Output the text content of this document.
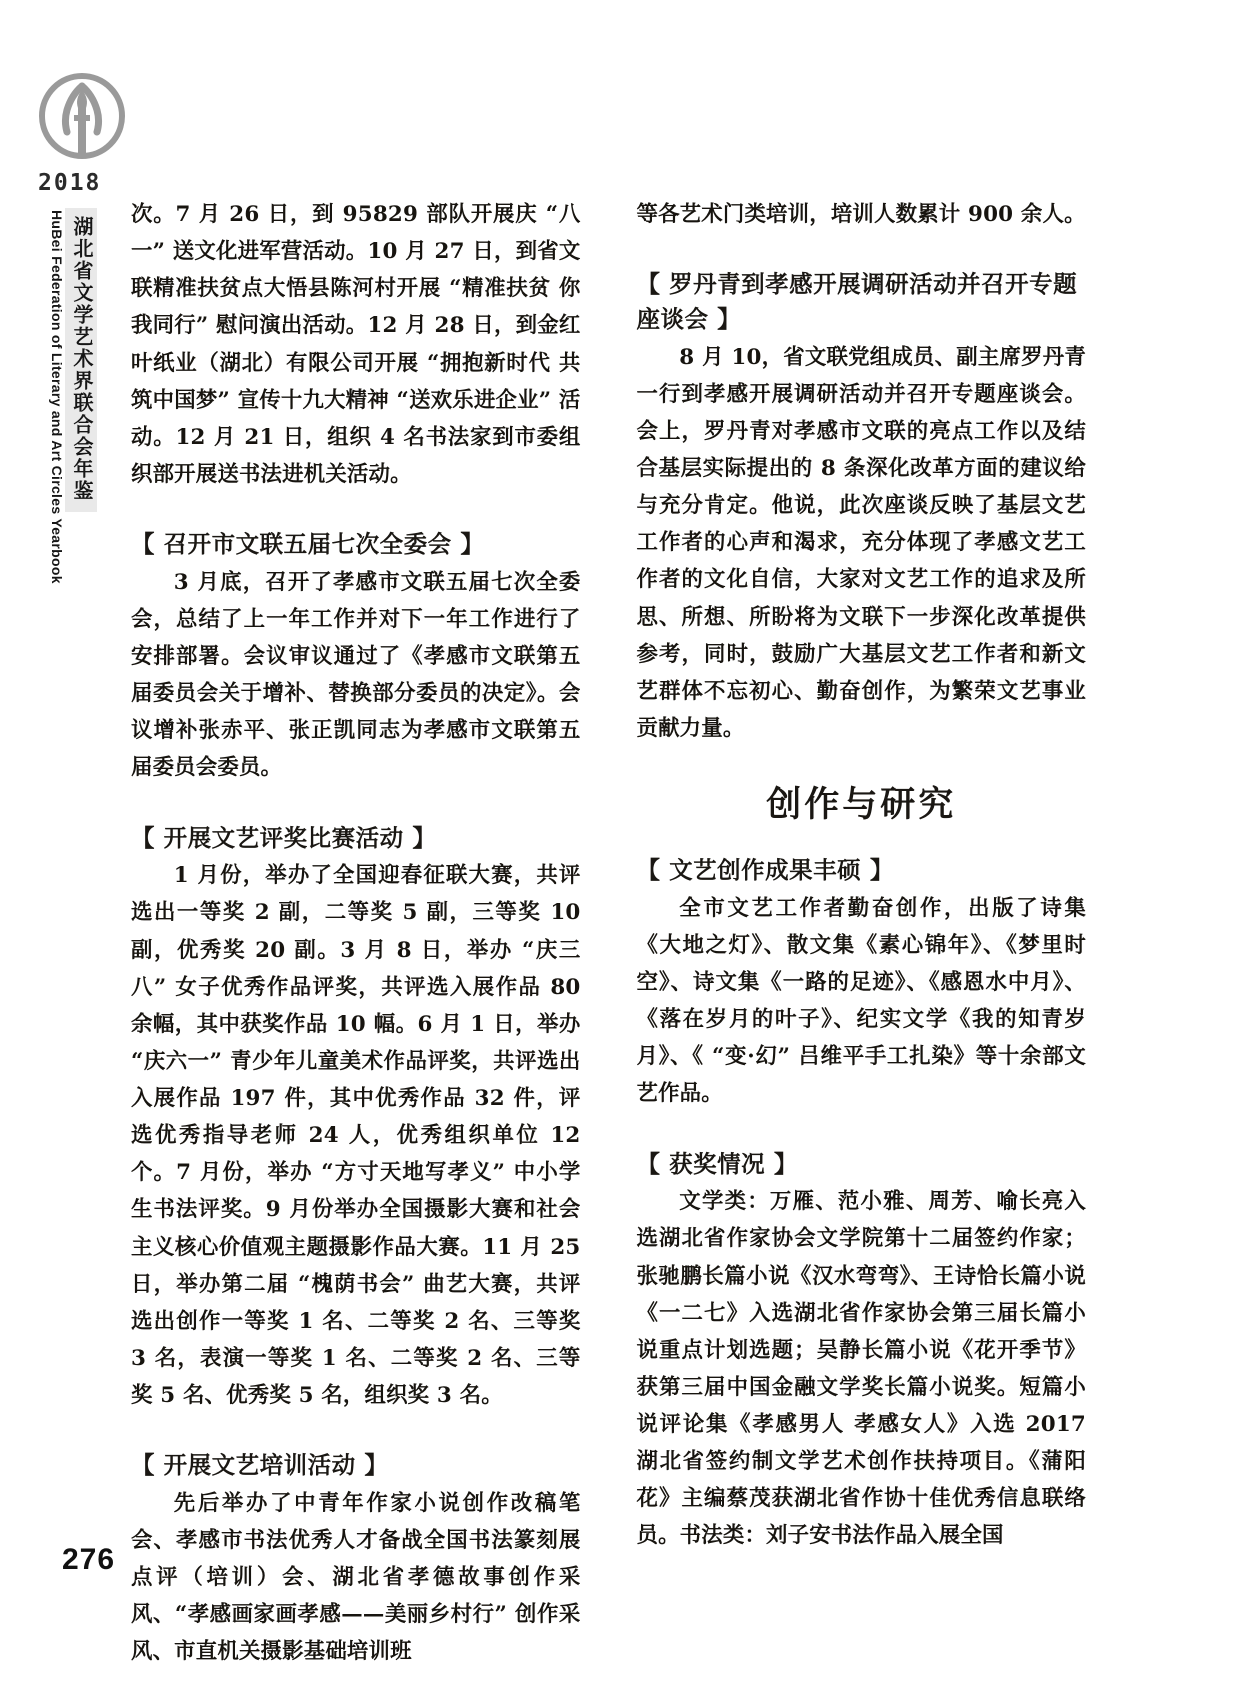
2018
湖北省文学艺术界联合会年鉴
HuBei Federation of Literary and Art Circles Yearbook
276

次。7 月 26 日，到 95829 部队开展庆 “八一” 送文化进军营活动。10 月 27 日，到省文联精准扶贫点大悟县陈河村开展 “精准扶贫 你我同行” 慰问演出活动。12 月 28 日，到金红叶纸业（湖北）有限公司开展 “拥抱新时代 共筑中国梦” 宣传十九大精神 “送欢乐进企业” 活动。12 月 21 日，组织 4 名书法家到市委组织部开展送书法进机关活动。

【 召开市文联五届七次全委会 】

3 月底，召开了孝感市文联五届七次全委会，总结了上一年工作并对下一年工作进行了安排部署。会议审议通过了《孝感市文联第五届委员会关于增补、替换部分委员的决定》。会议增补张赤平、张正凯同志为孝感市文联第五届委员会委员。

【 开展文艺评奖比赛活动 】

1 月份，举办了全国迎春征联大赛，共评选出一等奖 2 副，二等奖 5 副，三等奖 10 副，优秀奖 20 副。3 月 8 日，举办 “庆三八” 女子优秀作品评奖，共评选入展作品 80 余幅，其中获奖作品 10 幅。6 月 1 日，举办 “庆六一” 青少年儿童美术作品评奖，共评选出入展作品 197 件，其中优秀作品 32 件，评选优秀指导老师 24 人，优秀组织单位 12 个。7 月份，举办 “方寸天地写孝义” 中小学生书法评奖。9 月份举办全国摄影大赛和社会主义核心价值观主题摄影作品大赛。11 月 25 日，举办第二届 “槐荫书会” 曲艺大赛，共评选出创作一等奖 1 名、二等奖 2 名、三等奖 3 名，表演一等奖 1 名、二等奖 2 名、三等奖 5 名、优秀奖 5 名，组织奖 3 名。

【 开展文艺培训活动 】

先后举办了中青年作家小说创作改稿笔会、孝感市书法优秀人才备战全国书法篆刻展点评（培训）会、湖北省孝德故事创作采风、“孝感画家画孝感——美丽乡村行” 创作采风、市直机关摄影基础培训班

等各艺术门类培训，培训人数累计 900 余人。

【 罗丹青到孝感开展调研活动并召开专题座谈会 】

8 月 10，省文联党组成员、副主席罗丹青一行到孝感开展调研活动并召开专题座谈会。会上，罗丹青对孝感市文联的亮点工作以及结合基层实际提出的 8 条深化改革方面的建议给与充分肯定。他说，此次座谈反映了基层文艺工作者的心声和渴求，充分体现了孝感文艺工作者的文化自信，大家对文艺工作的追求及所思、所想、所盼将为文联下一步深化改革提供参考，同时，鼓励广大基层文艺工作者和新文艺群体不忘初心、勤奋创作，为繁荣文艺事业贡献力量。

创作与研究
【 文艺创作成果丰硕 】

全市文艺工作者勤奋创作，出版了诗集《大地之灯》、散文集《素心锦年》、《梦里时空》、诗文集《一路的足迹》、《感恩水中月》、《落在岁月的叶子》、纪实文学《我的知青岁月》、《 “变·幻” 吕维平手工扎染》等十余部文艺作品。

【 获奖情况 】

文学类：万雁、范小雅、周芳、喻长亮入选湖北省作家协会文学院第十二届签约作家；张驰鹏长篇小说《汉水弯弯》、王诗恰长篇小说《一二七》入选湖北省作家协会第三届长篇小说重点计划选题；吴静长篇小说《花开季节》获第三届中国金融文学奖长篇小说奖。短篇小说评论集《孝感男人 孝感女人》入选 2017 湖北省签约制文学艺术创作扶持项目。《蒲阳花》主编蔡茂获湖北省作协十佳优秀信息联络员。书法类：刘子安书法作品入展全国
